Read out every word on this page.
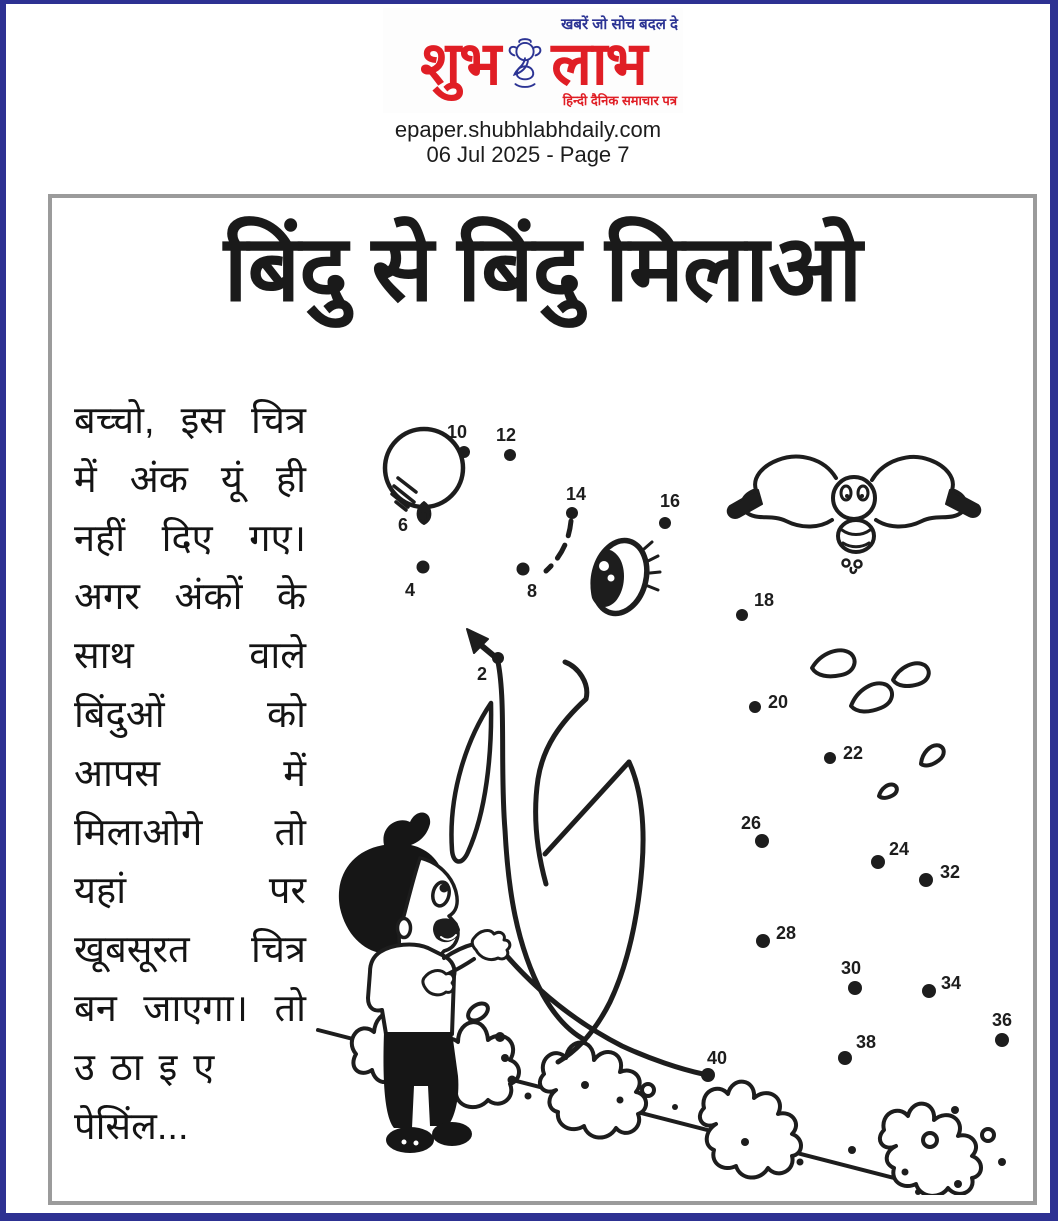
खबरें जो सोच बदल दे
शुभ लाभ
हिन्दी दैनिक समाचार पत्र
epaper.shubhlabhdaily.com
06 Jul 2025 - Page 7
बिंदु से बिंदु मिलाओ
बच्चो, इस चित्र
में अंक यूं ही
नहीं दिए गए।
अगर अंकों के
साथ वाले
बिंदुओं को
आपस में
मिलाओगे तो
यहां पर
खूबसूरत चित्र
बन जाएगा। तो
उठाइए
पेसिंल...
2
4
6
8
10 12
14	16
18
20
22
24
26
28
30
32
34
36
38
40
